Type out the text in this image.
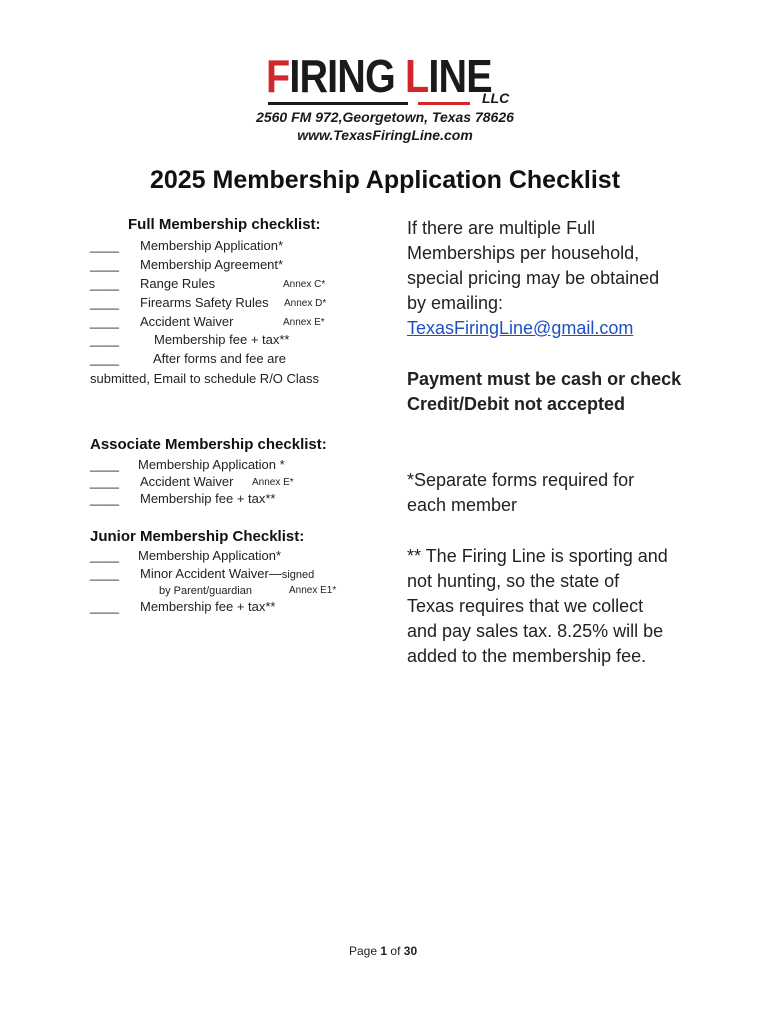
FIRING LINE
LLC
2560 FM 972,Georgetown, Texas 78626
www.TexasFiringLine.com
2025 Membership Application Checklist
Full Membership checklist:
____ Membership Application*
____ Membership Agreement*
____ Range Rules	Annex C*
____ Firearms Safety Rules Annex D*
____ Accident Waiver	Annex E*
____	Membership fee + tax**
____	After forms and fee are
submitted, Email to schedule R/O Class
Associate Membership checklist:
____ Membership Application *
____ Accident Waiver Annex E*
____ Membership fee + tax**
Junior Membership Checklist:
____ Membership Application*
____ Minor Accident Waiver—signed
by Parent/guardian	Annex E1*
____ Membership fee + tax**
If there are multiple Full
Memberships per household,
special pricing may be obtained
by emailing:
TexasFiringLine@gmail.com
Payment must be cash or check
Credit/Debit not accepted
*Separate forms required for
each member
** The Firing Line is sporting and
not hunting, so the state of
Texas requires that we collect
and pay sales tax. 8.25% will be
added to the membership fee.
Page 1 of 30
